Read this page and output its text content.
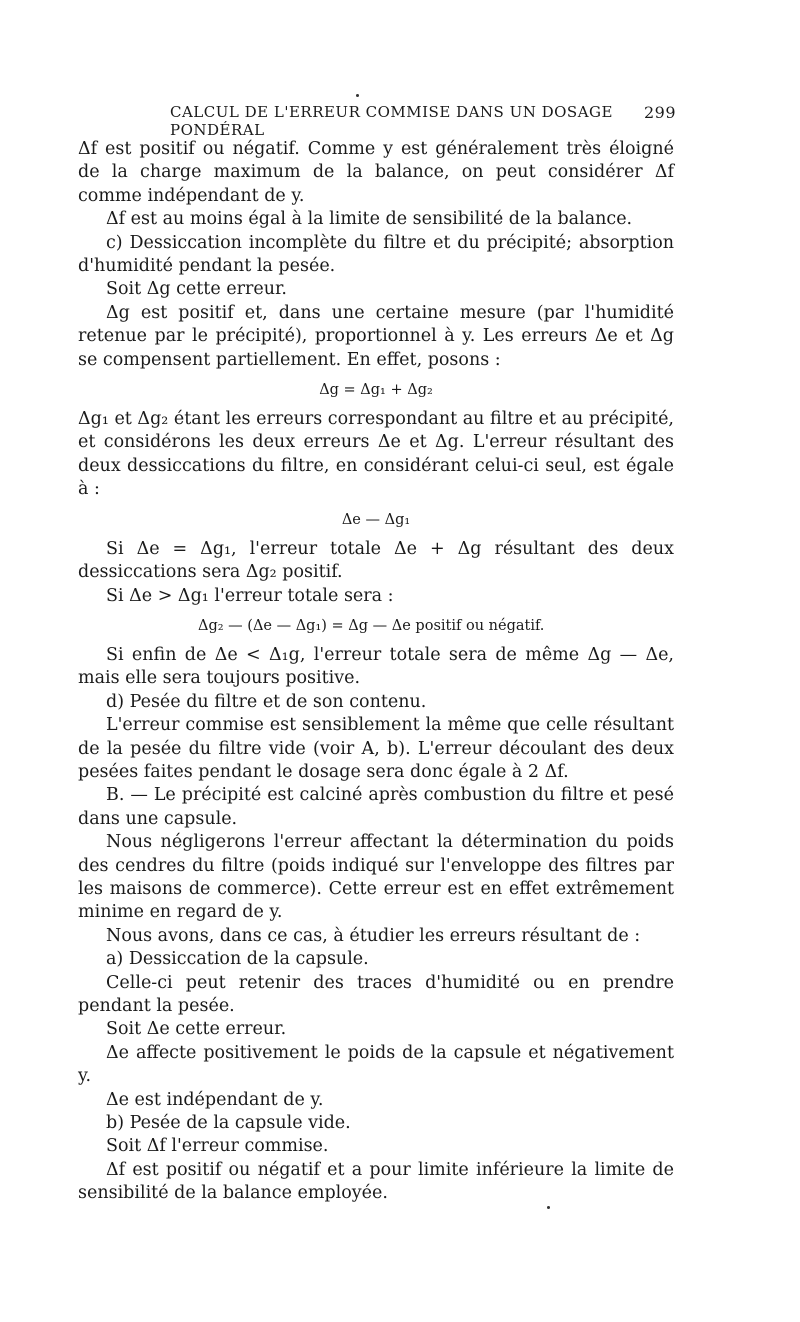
CALCUL DE L'ERREUR COMMISE DANS UN DOSAGE PONDÉRAL
299

Δf est positif ou négatif. Comme y est généralement très éloigné de la charge maximum de la balance, on peut considérer Δf comme indépendant de y.

Δf est au moins égal à la limite de sensibilité de la balance.

c) Dessiccation incomplète du filtre et du précipité; absorption d'humidité pendant la pesée.

Soit Δg cette erreur.

Δg est positif et, dans une certaine mesure (par l'humidité retenue par le précipité), proportionnel à y. Les erreurs Δe et Δg se compensent partiellement. En effet, posons :

Δg = Δg₁ + Δg₂

Δg₁ et Δg₂ étant les erreurs correspondant au filtre et au précipité, et considérons les deux erreurs Δe et Δg. L'erreur résultant des deux dessiccations du filtre, en considérant celui-ci seul, est égale à :

Δe — Δg₁

Si Δe = Δg₁, l'erreur totale Δe + Δg résultant des deux dessiccations sera Δg₂ positif.

Si Δe > Δg₁ l'erreur totale sera :

Δg₂ — (Δe — Δg₁) = Δg — Δe positif ou négatif.

Si enfin de Δe < Δ₁g, l'erreur totale sera de même Δg — Δe, mais elle sera toujours positive.

d) Pesée du filtre et de son contenu.

L'erreur commise est sensiblement la même que celle résultant de la pesée du filtre vide (voir A, b). L'erreur découlant des deux pesées faites pendant le dosage sera donc égale à 2 Δf.

B. — Le précipité est calciné après combustion du filtre et pesé dans une capsule.

Nous négligerons l'erreur affectant la détermination du poids des cendres du filtre (poids indiqué sur l'enveloppe des filtres par les maisons de commerce). Cette erreur est en effet extrêmement minime en regard de y.

Nous avons, dans ce cas, à étudier les erreurs résultant de :

a) Dessiccation de la capsule.

Celle-ci peut retenir des traces d'humidité ou en prendre pendant la pesée.

Soit Δe cette erreur.

Δe affecte positivement le poids de la capsule et négativement y.

Δe est indépendant de y.

b) Pesée de la capsule vide.

Soit Δf l'erreur commise.

Δf est positif ou négatif et a pour limite inférieure la limite de sensibilité de la balance employée.
